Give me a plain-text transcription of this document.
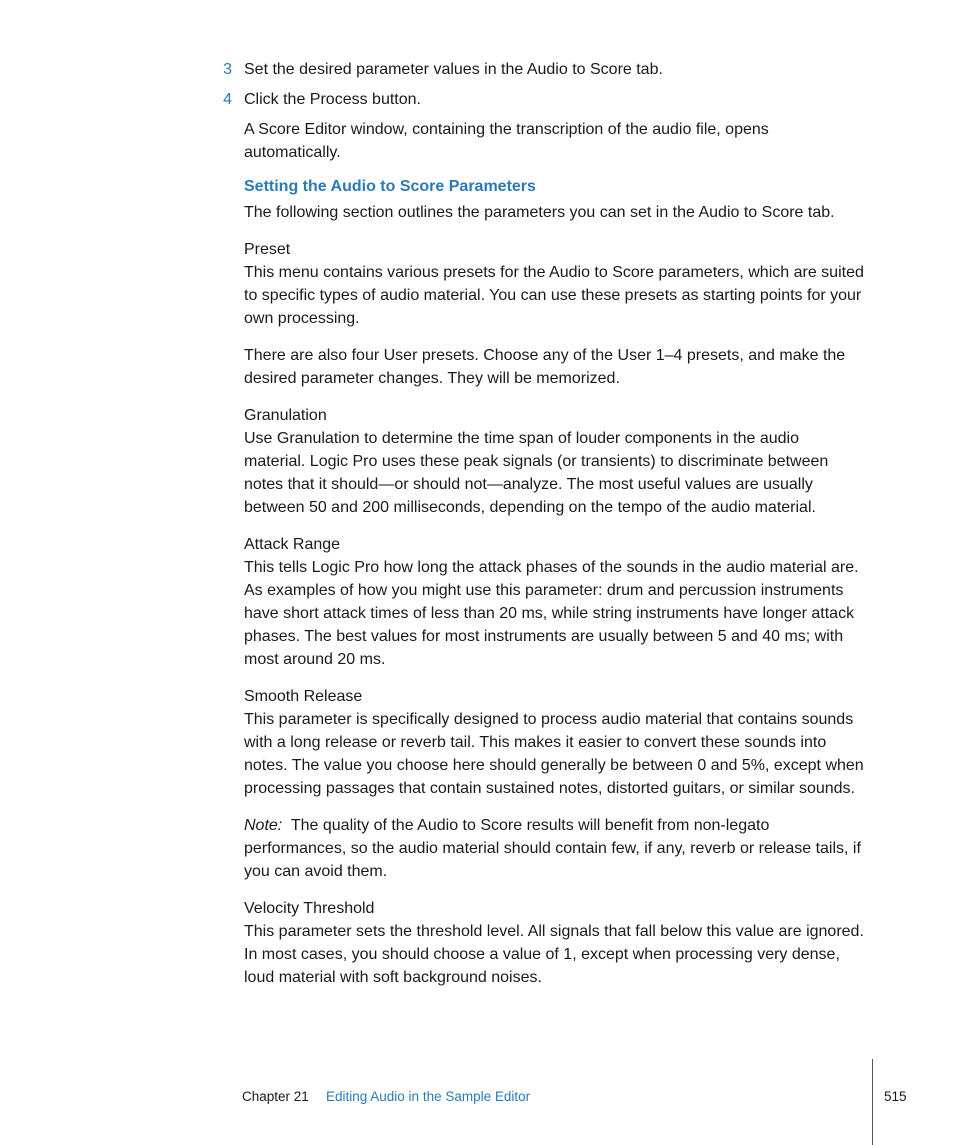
3 Set the desired parameter values in the Audio to Score tab.
4 Click the Process button.
A Score Editor window, containing the transcription of the audio file, opens automatically.
Setting the Audio to Score Parameters
The following section outlines the parameters you can set in the Audio to Score tab.
Preset
This menu contains various presets for the Audio to Score parameters, which are suited to specific types of audio material. You can use these presets as starting points for your own processing.
There are also four User presets. Choose any of the User 1–4 presets, and make the desired parameter changes. They will be memorized.
Granulation
Use Granulation to determine the time span of louder components in the audio material. Logic Pro uses these peak signals (or transients) to discriminate between notes that it should—or should not—analyze. The most useful values are usually between 50 and 200 milliseconds, depending on the tempo of the audio material.
Attack Range
This tells Logic Pro how long the attack phases of the sounds in the audio material are. As examples of how you might use this parameter: drum and percussion instruments have short attack times of less than 20 ms, while string instruments have longer attack phases. The best values for most instruments are usually between 5 and 40 ms; with most around 20 ms.
Smooth Release
This parameter is specifically designed to process audio material that contains sounds with a long release or reverb tail. This makes it easier to convert these sounds into notes. The value you choose here should generally be between 0 and 5%, except when processing passages that contain sustained notes, distorted guitars, or similar sounds.
Note: The quality of the Audio to Score results will benefit from non-legato performances, so the audio material should contain few, if any, reverb or release tails, if you can avoid them.
Velocity Threshold
This parameter sets the threshold level. All signals that fall below this value are ignored. In most cases, you should choose a value of 1, except when processing very dense, loud material with soft background noises.
Chapter 21 Editing Audio in the Sample Editor	515
